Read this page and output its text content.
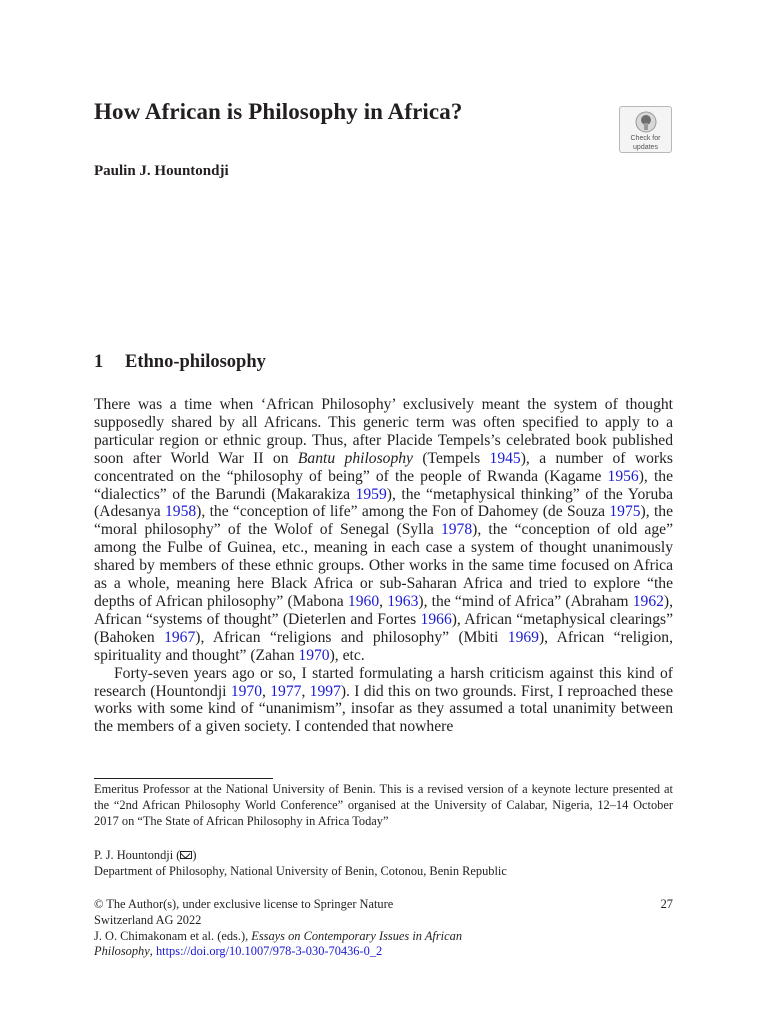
How African is Philosophy in Africa?
Check for
updates

Paulin J. Hountondji

1 Ethno-philosophy

There was a time when ‘African Philosophy’ exclusively meant the system of thought supposedly shared by all Africans. This generic term was often specified to apply to a particular region or ethnic group. Thus, after Placide Tempels’s celebrated book published soon after World War II on Bantu philosophy (Tempels 1945), a number of works concentrated on the “philosophy of being” of the people of Rwanda (Kagame 1956), the “dialectics” of the Barundi (Makarakiza 1959), the “metaphysical thinking” of the Yoruba (Adesanya 1958), the “conception of life” among the Fon of Dahomey (de Souza 1975), the “moral philosophy” of the Wolof of Senegal (Sylla 1978), the “conception of old age” among the Fulbe of Guinea, etc., meaning in each case a system of thought unanimously shared by members of these ethnic groups. Other works in the same time focused on Africa as a whole, meaning here Black Africa or sub-Saharan Africa and tried to explore “the depths of African philosophy” (Mabona 1960, 1963), the “mind of Africa” (Abraham 1962), African “systems of thought” (Dieterlen and Fortes 1966), African “metaphysical clearings” (Bahoken 1967), African “religions and philosophy” (Mbiti 1969), African “religion, spirituality and thought” (Zahan 1970), etc.

Forty-seven years ago or so, I started formulating a harsh criticism against this kind of research (Hountondji 1970, 1977, 1997). I did this on two grounds. First, I reproached these works with some kind of “unanimism”, insofar as they assumed a total unanimity between the members of a given society. I contended that nowhere

Emeritus Professor at the National University of Benin. This is a revised version of a keynote lecture presented at the “2nd African Philosophy World Conference” organised at the University of Calabar, Nigeria, 12–14 October 2017 on “The State of African Philosophy in Africa Today”
P. J. Hountondji ( )
Department of Philosophy, National University of Benin, Cotonou, Benin Republic
27
© The Author(s), under exclusive license to Springer Nature
Switzerland AG 2022
J. O. Chimakonam et al. (eds.), Essays on Contemporary Issues in African
Philosophy, https://doi.org/10.1007/978-3-030-70436-0_2
